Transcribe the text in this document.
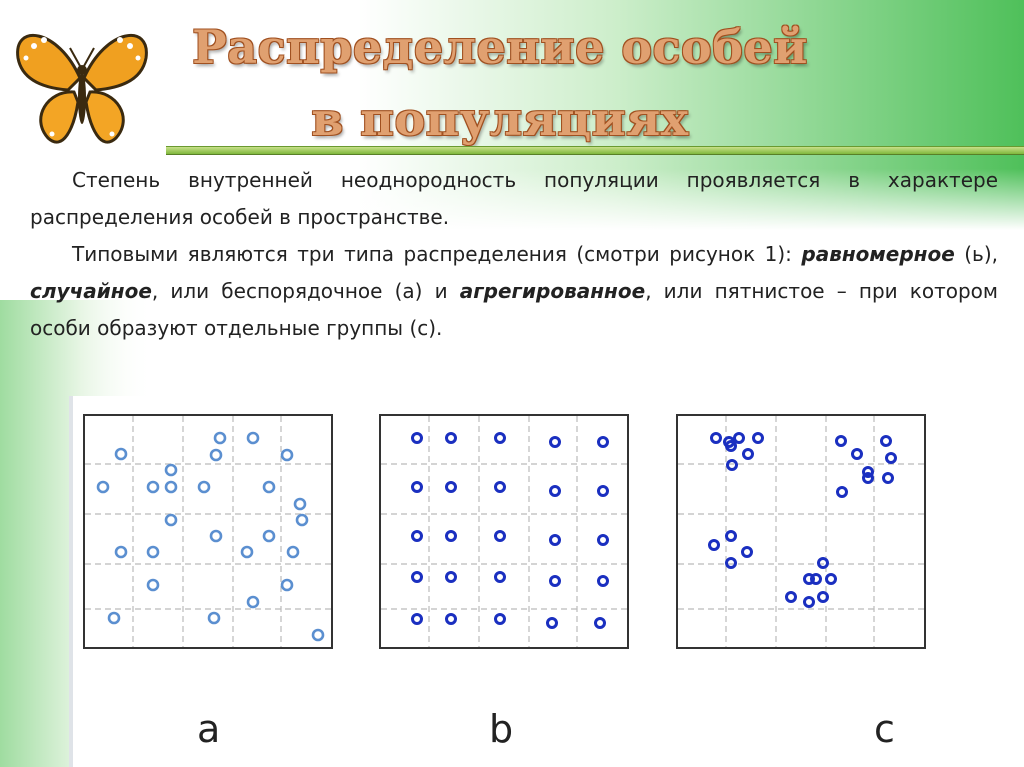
Распределение особей
в популяциях
Степень внутренней неоднородность популяции проявляется в характере распределения особей в пространстве.
Типовыми являются три типа распределения (смотри рисунок 1): равномерное (ь), случайное, или беспорядочное (a) и агрегированное, или пятнистое – при котором особи образуют отдельные группы (c).
a	b	c
